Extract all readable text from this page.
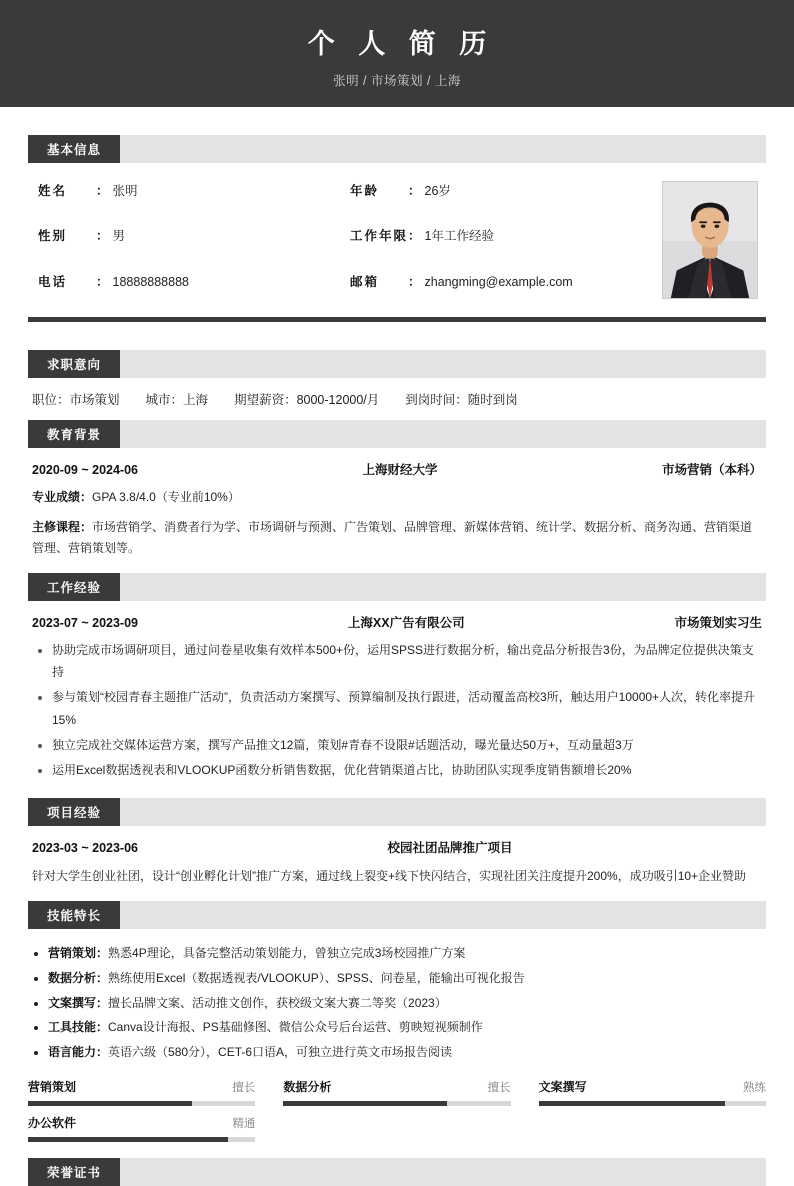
个 人 简 历
张明 / 市场策划 / 上海
基本信息
姓名	： 张明	年龄	： 26岁
性别	： 男	工作年限 ： 1年工作经验
电话	： 18888888888	邮箱	： zhangming@example.com
求职意向
职位：市场策划 城市：上海 期望薪资：8000-12000/月 到岗时间：随时到岗
教育背景
2020-09 ~ 2024-06	上海财经大学	市场营销（本科）
专业成绩：GPA 3.8/4.0（专业前10%）
主修课程：市场营销学、消费者行为学、市场调研与预测、广告策划、品牌管理、新媒体营销、统计学、数据分析、商务沟通、营销渠道管理、营销策划等。
工作经验
2023-07 ~ 2023-09	上海XX广告有限公司	市场策划实习生
• 协助完成市场调研项目，通过问卷星收集有效样本500+份，运用SPSS进行数据分析，输出竞品分析报告3份，为品牌定位提供决策支持
• 参与策划“校园青春主题推广活动”，负责活动方案撰写、预算编制及执行跟进，活动覆盖高校3所，触达用户10000+人次，转化率提升15%
• 独立完成社交媒体运营方案，撰写产品推文12篇，策划#青春不设限#话题活动，曝光量达50万+，互动量超3万
• 运用Excel数据透视表和VLOOKUP函数分析销售数据，优化营销渠道占比，协助团队实现季度销售额增长20%
项目经验
2023-03 ~ 2023-06	校园社团品牌推广项目
针对大学生创业社团，设计“创业孵化计划”推广方案，通过线上裂变+线下快闪结合，实现社团关注度提升200%，成功吸引10+企业赞助
技能特长
• 营销策划：熟悉4P理论，具备完整活动策划能力，曾独立完成3场校园推广方案
• 数据分析：熟练使用Excel（数据透视表/VLOOKUP）、SPSS、问卷星，能输出可视化报告
• 文案撰写：擅长品牌文案、活动推文创作，获校级文案大赛二等奖（2023）
• 工具技能：Canva设计海报、PS基础修图、微信公众号后台运营、剪映短视频制作
• 语言能力：英语六级（580分），CET-6口语A，可独立进行英文市场报告阅读
营销策划	擅长 数据分析	擅长 文案撰写	熟练
办公软件	精通
荣誉证书
